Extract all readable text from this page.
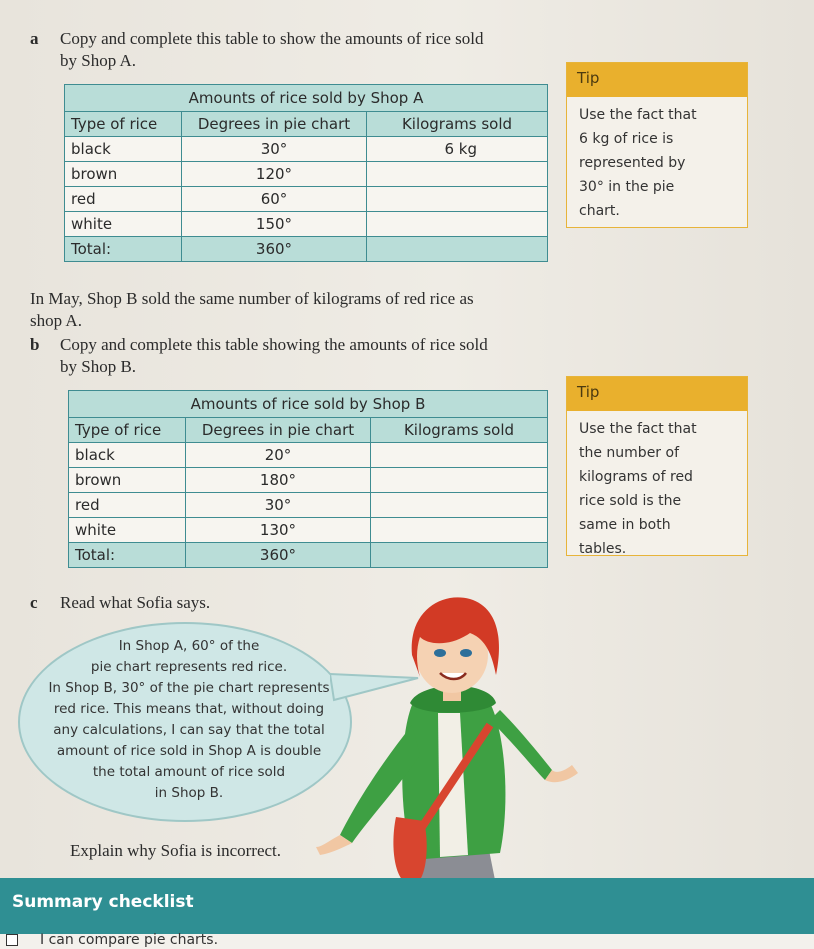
a Copy and complete this table to show the amounts of rice sold
by Shop A.
Amounts of rice sold by Shop A		
Type of rice	Degrees in pie chart	Kilograms sold
black	30°	6 kg
brown	120°	
red	60°	
white	150°	
Total:	360°	
Tip
Use the fact that
6 kg of rice is
represented by
30° in the pie
chart.
In May, Shop B sold the same number of kilograms of red rice as
shop A.
b Copy and complete this table showing the amounts of rice sold
by Shop B.
Amounts of rice sold by Shop B		
Type of rice	Degrees in pie chart	Kilograms sold
black	20°	
brown	180°	
red	30°	
white	130°	
Total:	360°	
Tip
Use the fact that
the number of
kilograms of red
rice sold is the
same in both
tables.
c Read what Sofia says.
In Shop A, 60° of the
pie chart represents red rice.
In Shop B, 30° of the pie chart represents
red rice. This means that, without doing
any calculations, I can say that the total
amount of rice sold in Shop A is double
the total amount of rice sold
in Shop B.
Explain why Sofia is incorrect.
Summary checklist
I can compare pie charts.
